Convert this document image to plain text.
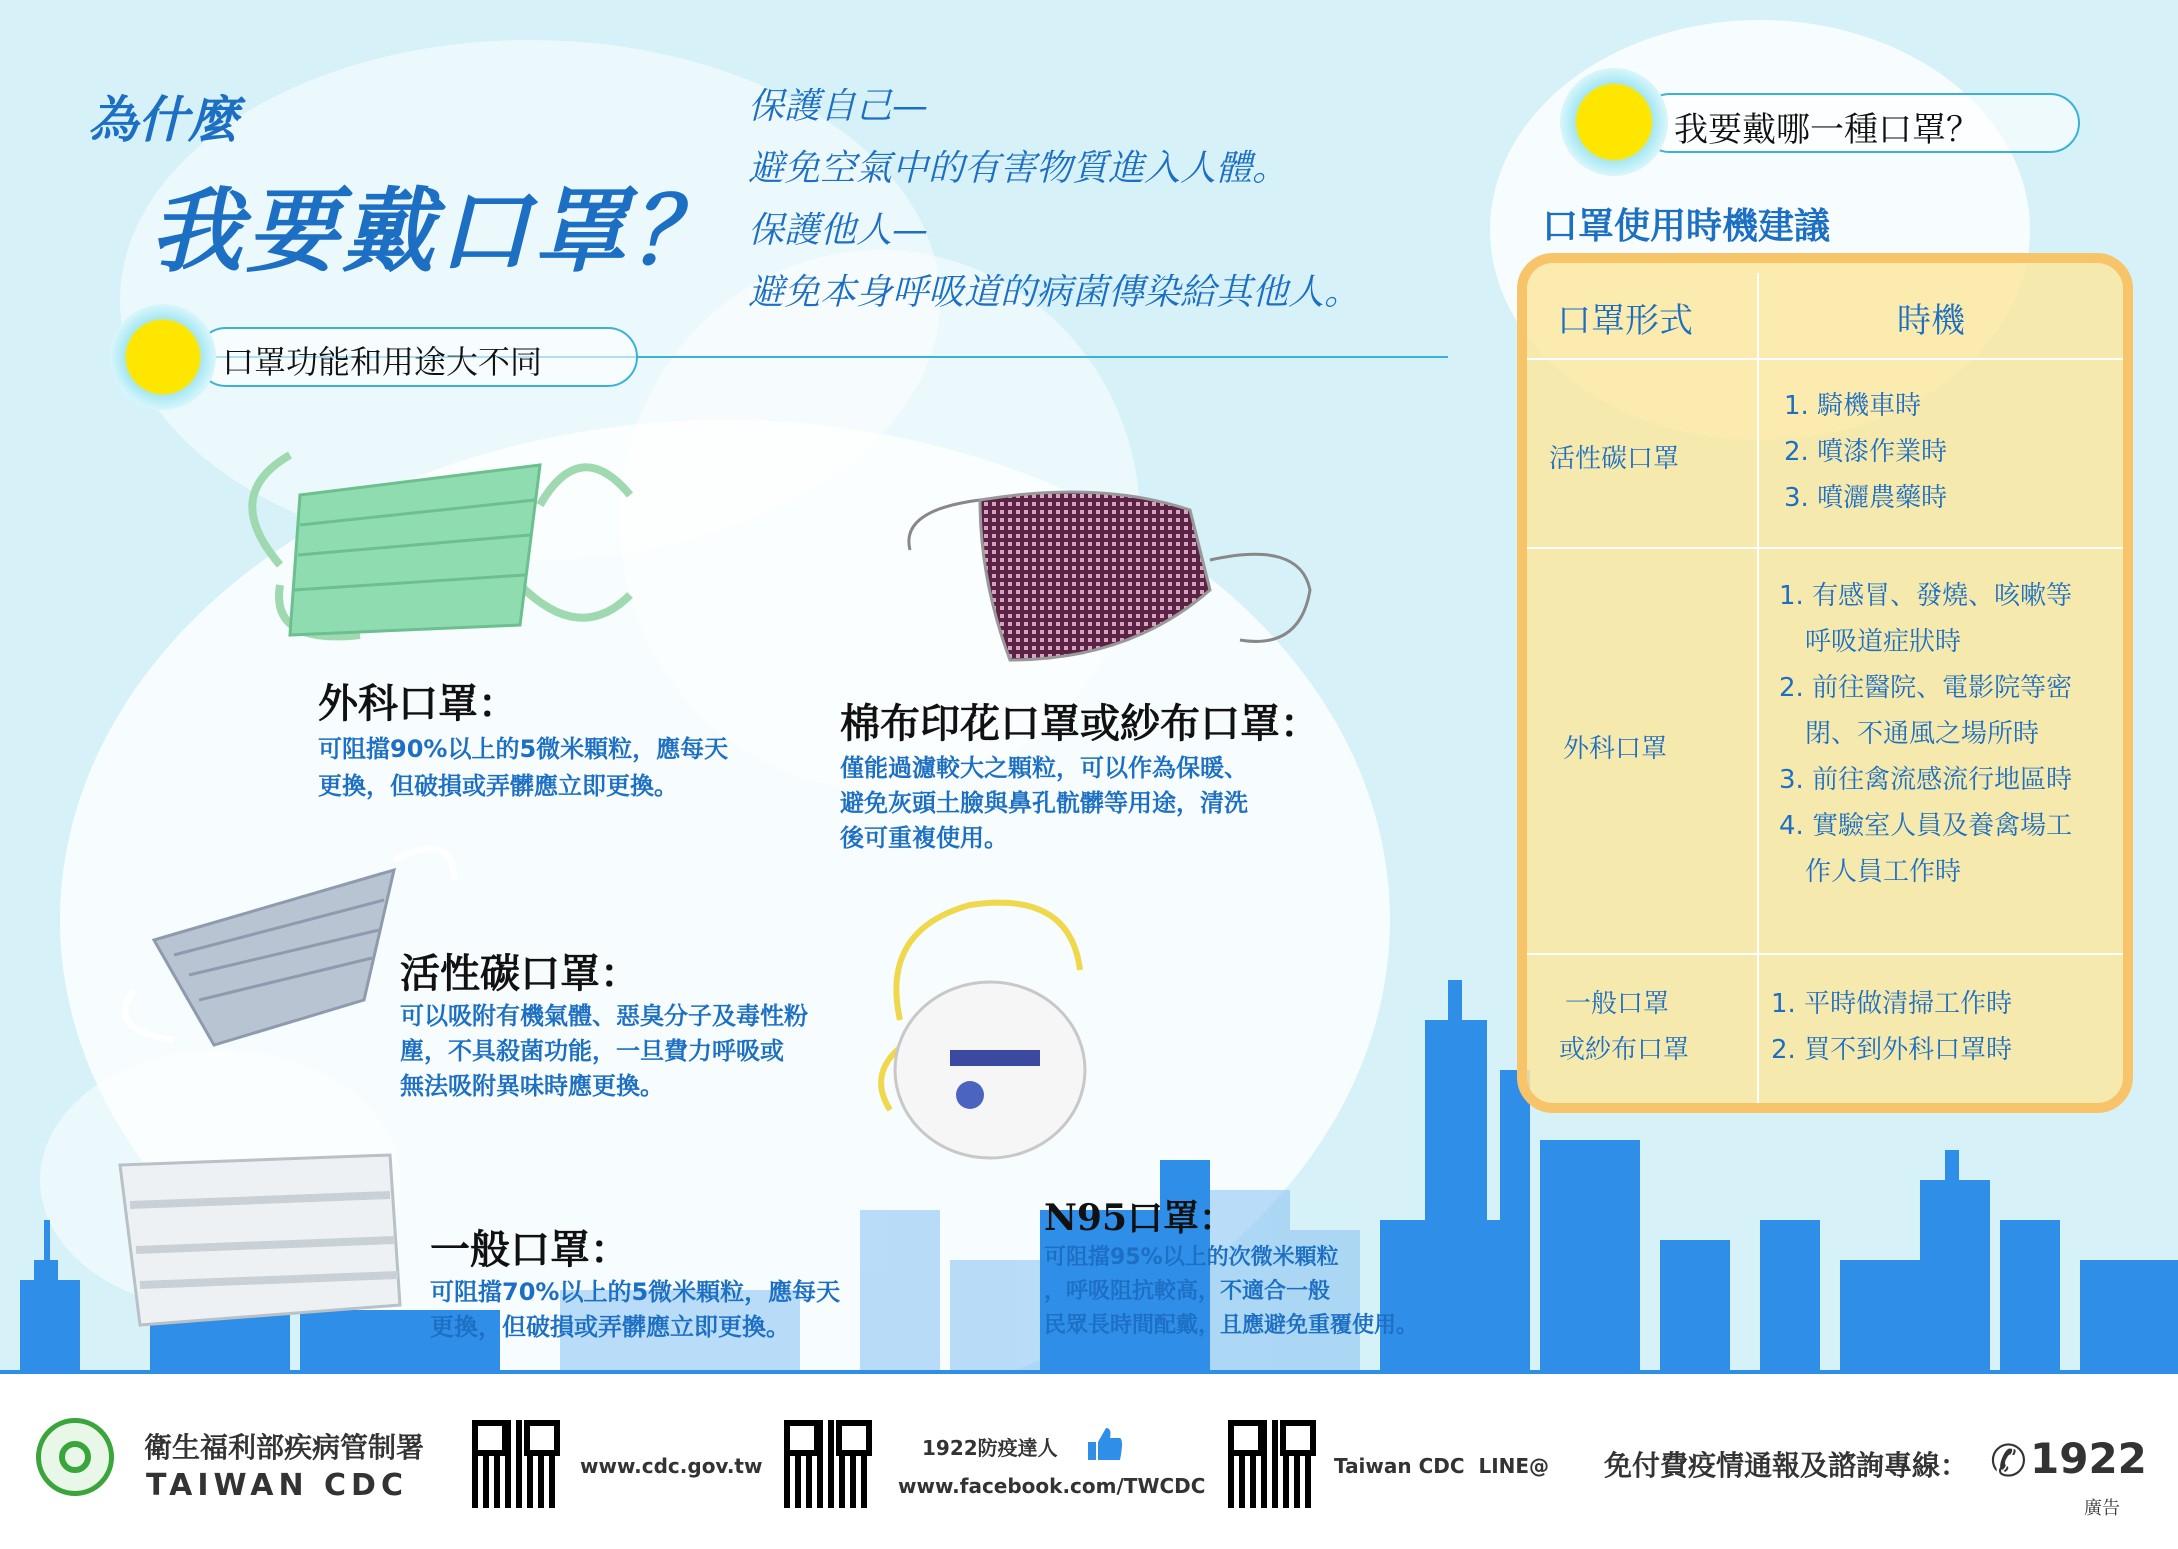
為什麼
我要戴口罩？
保護自己—
避免空氣中的有害物質進入人體。
保護他人—
避免本身呼吸道的病菌傳染給其他人。
口罩功能和用途大不同
我要戴哪一種口罩？
口罩使用時機建議
口罩形式	時機
活性碳口罩
1. 騎機車時
2. 噴漆作業時
3. 噴灑農藥時
外科口罩
1. 有感冒、發燒、咳嗽等
呼吸道症狀時
2. 前往醫院、電影院等密
閉、不通風之場所時
3. 前往禽流感流行地區時
4. 實驗室人員及養禽場工
作人員工作時
一般口罩
或紗布口罩
1. 平時做清掃工作時
2. 買不到外科口罩時
外科口罩：
可阻擋90%以上的5微米顆粒，應每天
更換，但破損或弄髒應立即更換。
棉布印花口罩或紗布口罩：
僅能過濾較大之顆粒，可以作為保暖、
避免灰頭土臉與鼻孔骯髒等用途，清洗
後可重複使用。
活性碳口罩：
可以吸附有機氣體、惡臭分子及毒性粉
塵，不具殺菌功能，一旦費力呼吸或
無法吸附異味時應更換。
一般口罩：
可阻擋70%以上的5微米顆粒，應每天
更換，但破損或弄髒應立即更換。
N95口罩：
可阻擋95%以上的次微米顆粒
，呼吸阻抗較高，不適合一般
民眾長時間配戴，且應避免重覆使用。
衛生福利部疾病管制署
TAIWAN CDC
www.cdc.gov.tw
1922防疫達人
www.facebook.com/TWCDC
Taiwan CDC  LINE@ 免付費疫情通報及諮詢專線： ✆ 1922
廣告
